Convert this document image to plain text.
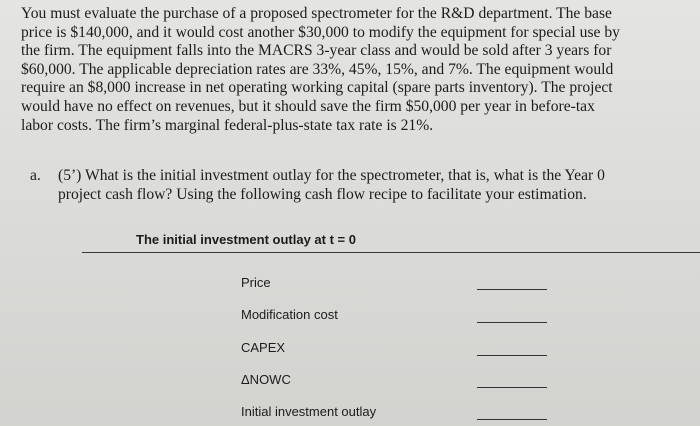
You must evaluate the purchase of a proposed spectrometer for the R&D department. The base
price is $140,000, and it would cost another $30,000 to modify the equipment for special use by
the firm. The equipment falls into the MACRS 3-year class and would be sold after 3 years for
$60,000. The applicable depreciation rates are 33%, 45%, 15%, and 7%. The equipment would
require an $8,000 increase in net operating working capital (spare parts inventory). The project
would have no effect on revenues, but it should save the firm $50,000 per year in before-tax
labor costs. The firm’s marginal federal-plus-state tax rate is 21%.
a.	(5’) What is the initial investment outlay for the spectrometer, that is, what is the Year 0
project cash flow? Using the following cash flow recipe to facilitate your estimation.
The initial investment outlay at t = 0
Price
Modification cost
CAPEX
ΔNOWC
Initial investment outlay
